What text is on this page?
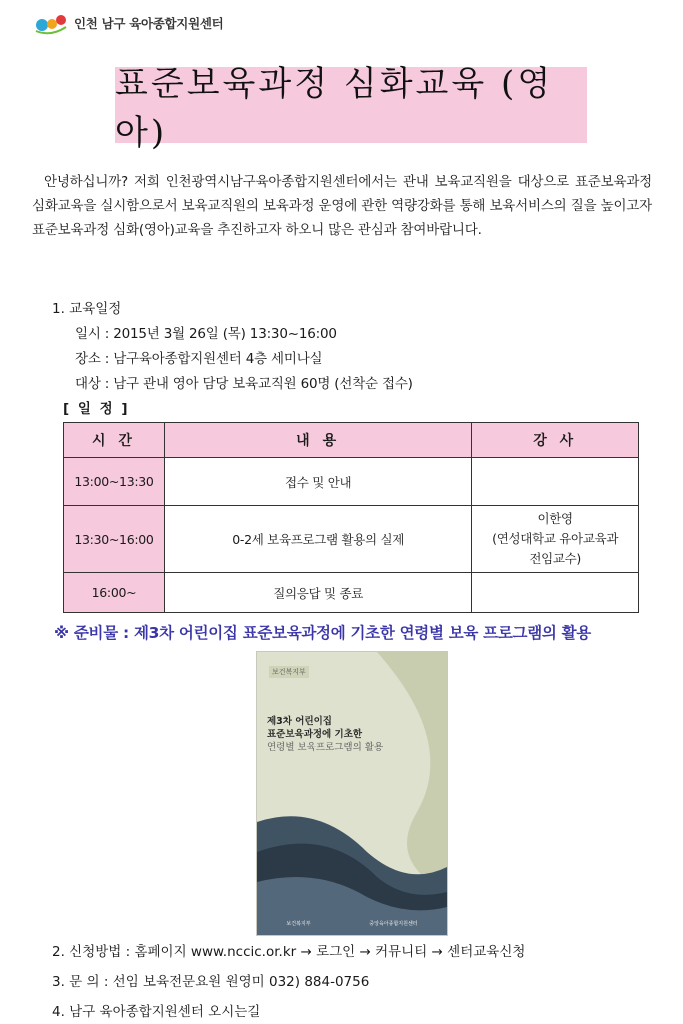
인천 남구 육아종합지원센터
표준보육과정 심화교육 (영아)
안녕하십니까? 저희 인천광역시남구육아종합지원센터에서는 관내 보육교직원을 대상으로 표준보육과정 심화교육을 실시함으로서 보육교직원의 보육과정 운영에 관한 역량강화를 통해 보육서비스의 질을 높이고자 표준보육과정 심화(영아)교육을 추진하고자 하오니 많은 관심과 참여바랍니다.
1. 교육일정
일시 : 2015년 3월 26일 (목) 13:30~16:00
장소 : 남구육아종합지원센터 4층 세미나실
대상 : 남구 관내 영아 담당 보육교직원 60명 (선착순 접수)
[ 일 정 ]
시 간	내 용	강 사
13:00~13:30	접수 및 안내	

13:30~16:00	0-2세 보육프로그램 활용의 실제	이한영
(연성대학교 유아교육과
전임교수)

16:00~	질의응답 및 종료	
※ 준비물 : 제3차 어린이집 표준보육과정에 기초한 연령별 보육 프로그램의 활용
보건복지부
제3차 어린이집
표준보육과정에 기초한
연령별 보육프로그램의 활용
보건복지부	중앙육아종합지원센터
2. 신청방법 : 홈페이지 www.nccic.or.kr → 로그인 → 커뮤니티 → 센터교육신청
3. 문 의 : 선임 보육전문요원 원영미 032) 884-0756
4. 남구 육아종합지원센터 오시는길
